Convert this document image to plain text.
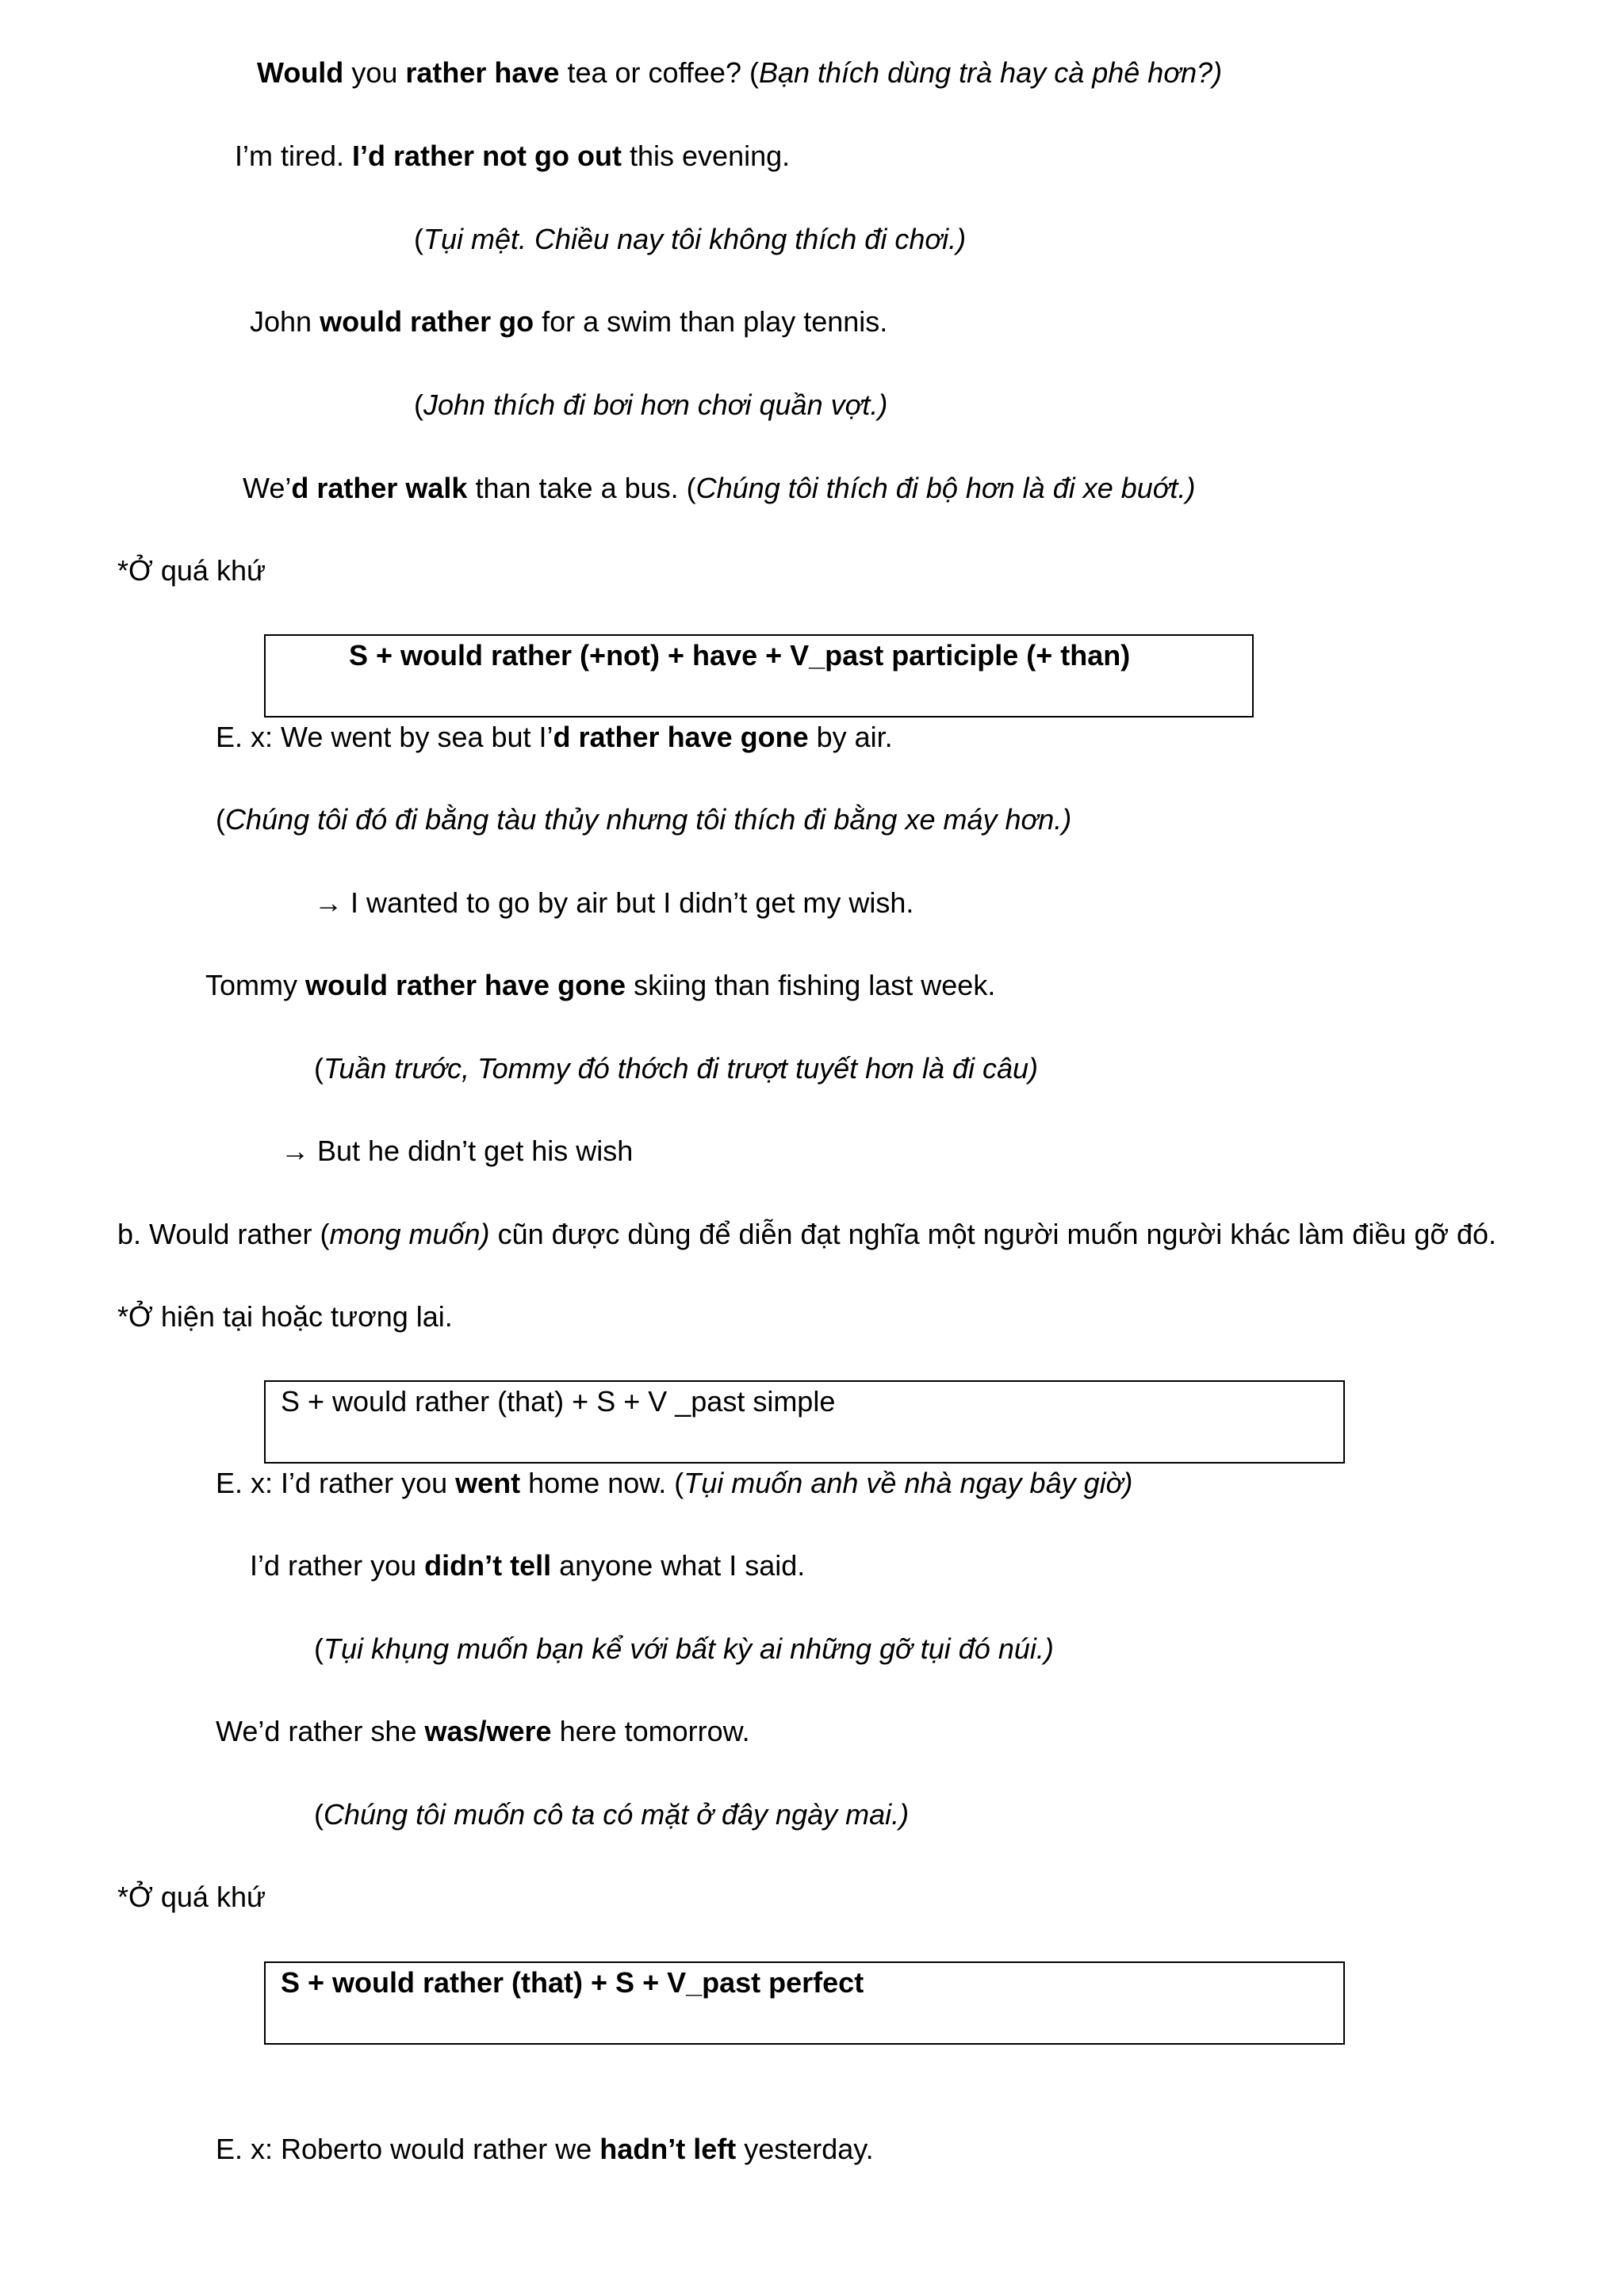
Would you rather have tea or coffee? (Bạn thích dùng trà hay cà phê hơn?)
I’m tired. I’d rather not go out this evening.
(Tụi mệt. Chiều nay tôi không thích đi chơi.)
John would rather go for a swim than play tennis.
(John thích đi bơi hơn chơi quần vợt.)
We’d rather walk than take a bus. (Chúng tôi thích đi bộ hơn là đi xe buớt.)
*Ở quá khứ
S + would rather (+not) + have + V_past participle (+ than)
E. x: We went by sea but I’d rather have gone by air.
(Chúng tôi đó đi bằng tàu thủy nhưng tôi thích đi bằng xe máy hơn.)
→ I wanted to go by air but I didn’t get my wish.
Tommy would rather have gone skiing than fishing last week.
(Tuần trước, Tommy đó thớch đi trượt tuyết hơn là đi câu)
→ But he didn’t get his wish
b. Would rather (mong muốn) cũn được dùng để diễn đạt nghĩa một người muốn người khác làm điều gỡ đó.
*Ở hiện tại hoặc tương lai.
S + would rather (that) + S + V _past simple
E. x: I’d rather you went home now. (Tụi muốn anh về nhà ngay bây giờ)
I’d rather you didn’t tell anyone what I said.
(Tụi khụng muốn bạn kể với bất kỳ ai những gỡ tụi đó núi.)
We’d rather she was/were here tomorrow.
(Chúng tôi muốn cô ta có mặt ở đây ngày mai.)
*Ở quá khứ
S + would rather (that) + S + V_past perfect
E. x: Roberto would rather we hadn’t left yesterday.
